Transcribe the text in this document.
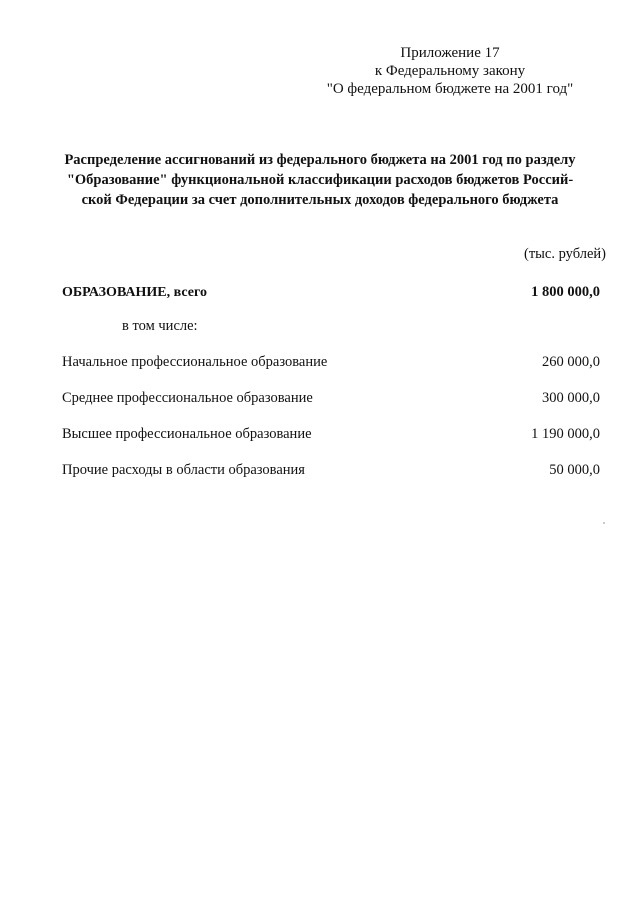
Приложение 17
к Федеральному закону
"О федеральном бюджете на 2001 год"
Распределение ассигнований из федерального бюджета на 2001 год по разделу
"Образование" функциональной классификации расходов бюджетов Россий-
ской Федерации за счет дополнительных доходов федерального бюджета
(тыс. рублей)
ОБРАЗОВАНИЕ, всего	1 800 000,0
в том числе:
Начальное профессиональное образование	260 000,0
Среднее профессиональное образование	300 000,0
Высшее профессиональное образование	1 190 000,0
Прочие расходы в области образования	50 000,0
